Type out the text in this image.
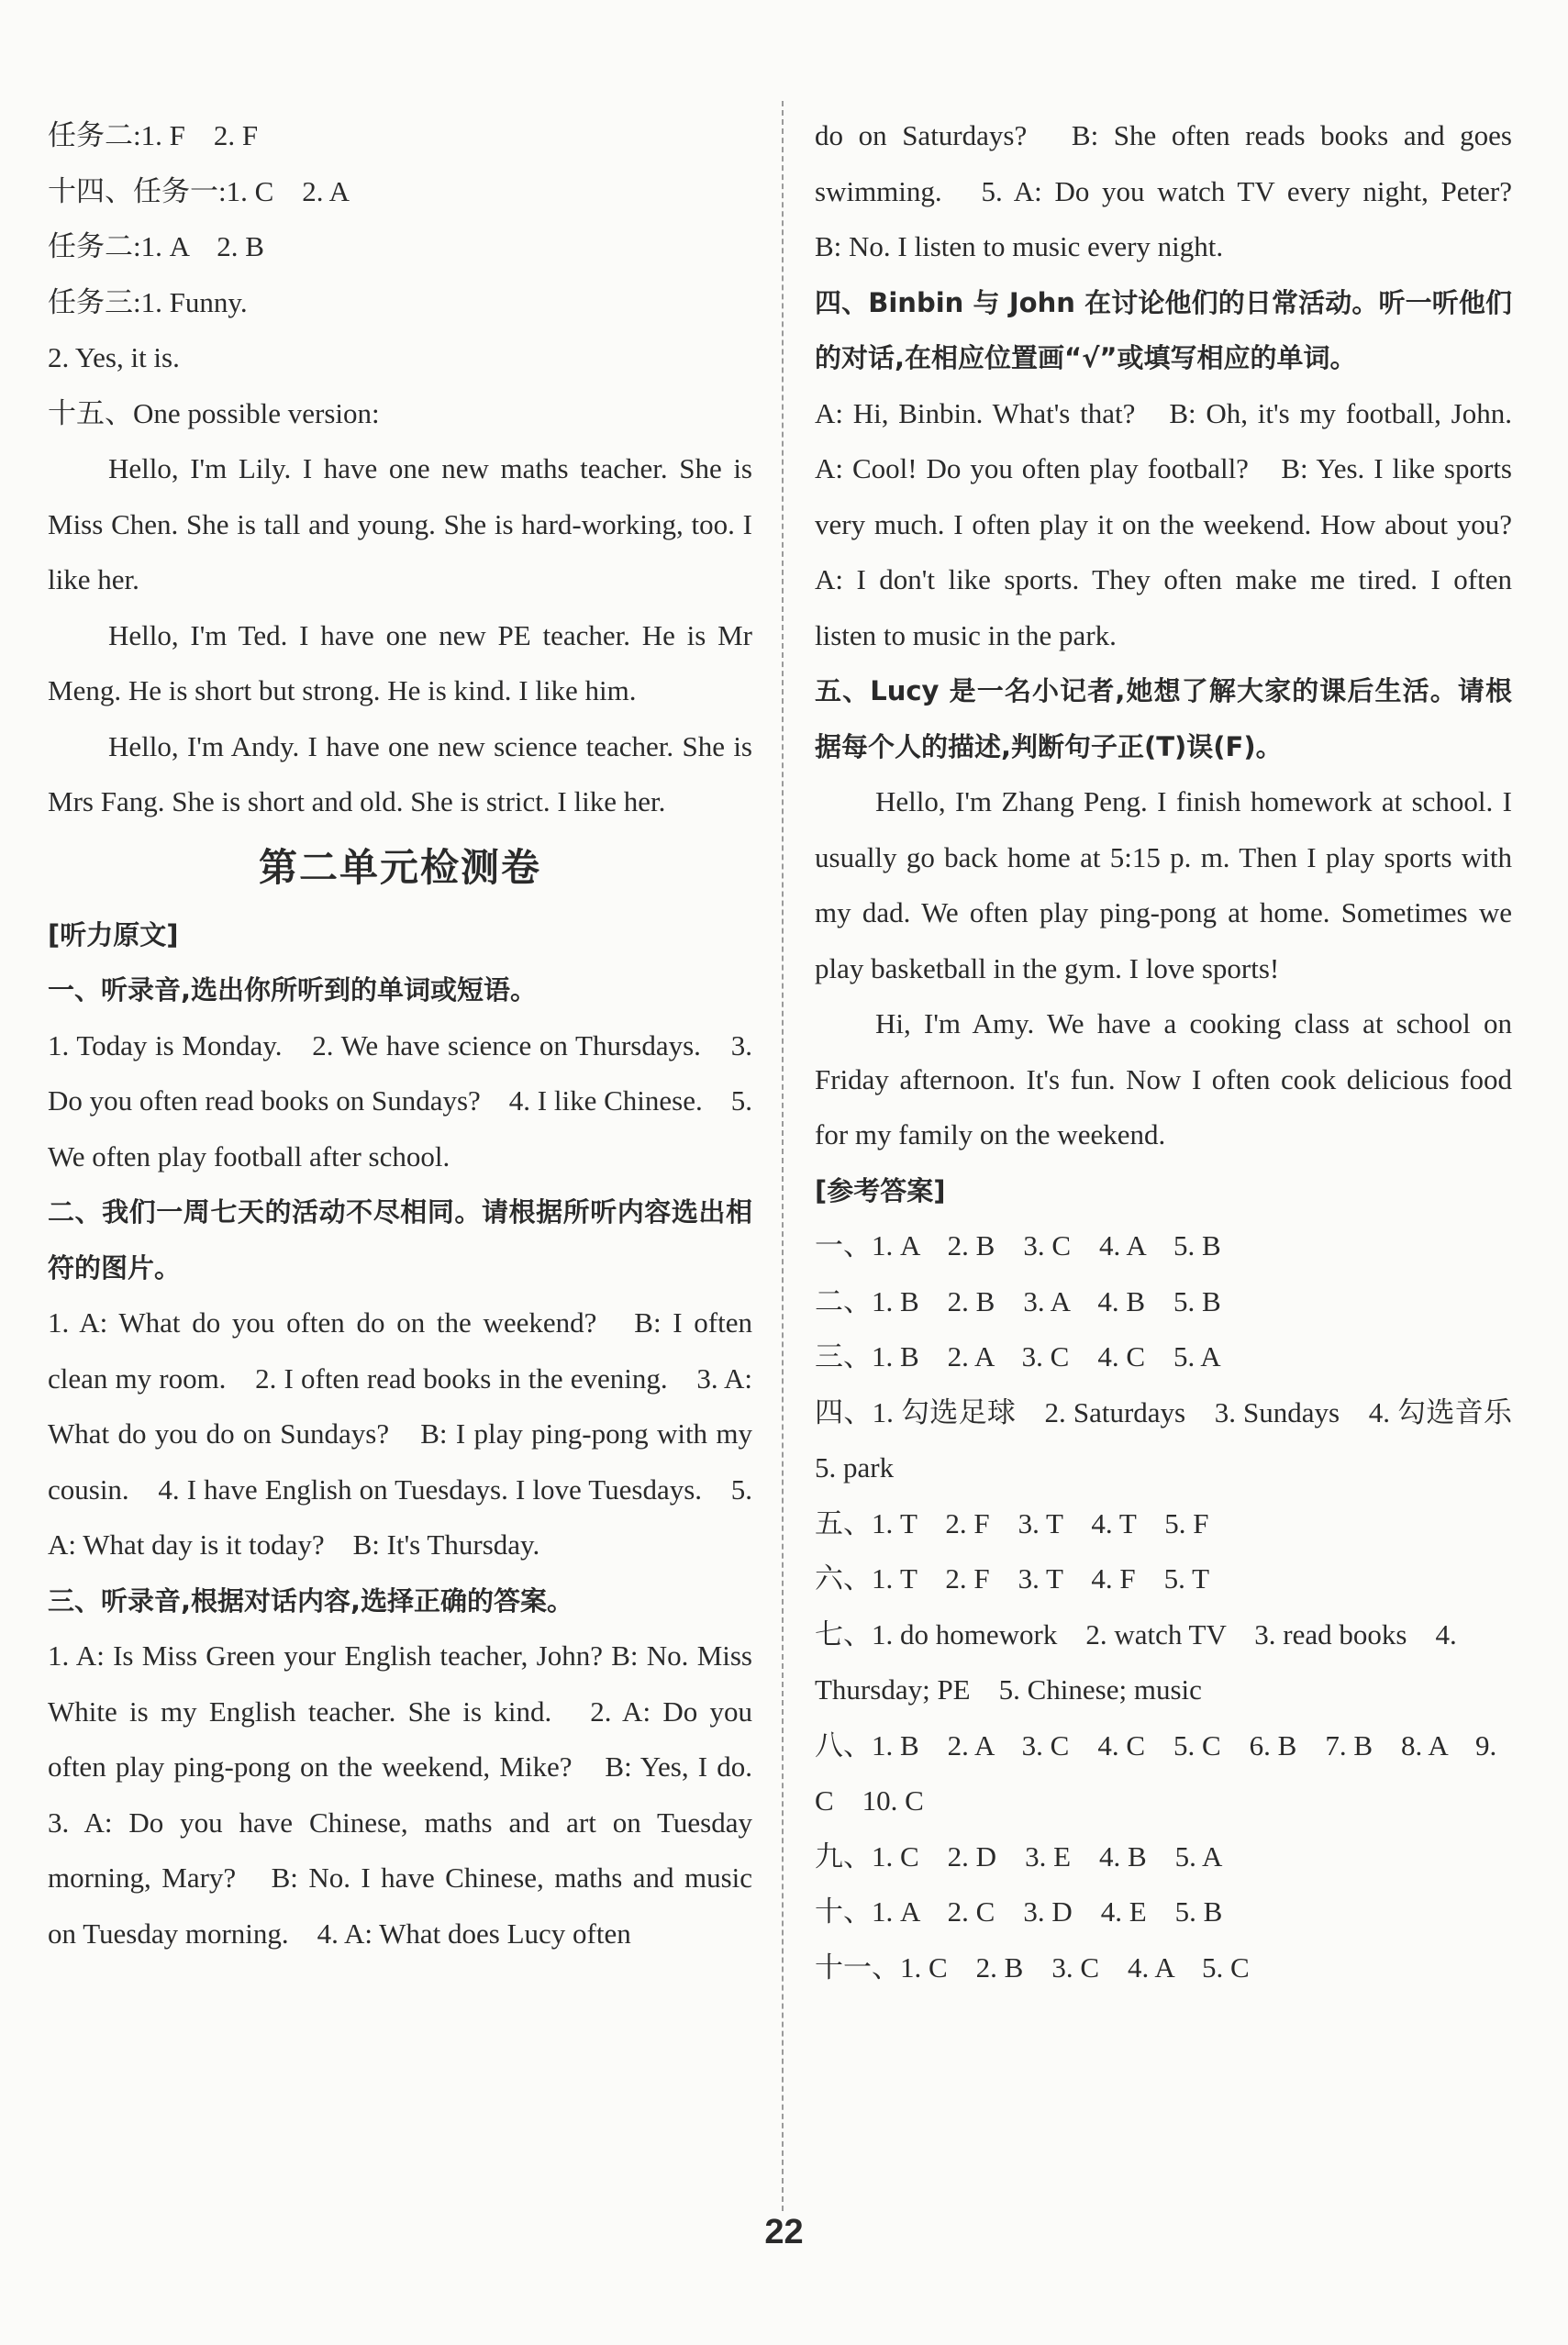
任务二:1. F　2. F
十四、任务一:1. C　2. A
任务二:1. A　2. B
任务三:1. Funny.
2. Yes, it is.
十五、One possible version:
Hello, I'm Lily. I have one new maths teacher. She is Miss Chen. She is tall and young. She is hard-working, too. I like her.
Hello, I'm Ted. I have one new PE teacher. He is Mr Meng. He is short but strong. He is kind. I like him.
Hello, I'm Andy. I have one new science teacher. She is Mrs Fang. She is short and old. She is strict. I like her.
第二单元检测卷
[听力原文]
一、听录音,选出你所听到的单词或短语。
1. Today is Monday.　2. We have science on Thursdays.　3. Do you often read books on Sundays?　4. I like Chinese.　5. We often play football after school.
二、我们一周七天的活动不尽相同。请根据所听内容选出相符的图片。
1. A: What do you often do on the weekend?　B: I often clean my room.　2. I often read books in the evening.　3. A: What do you do on Sundays?　B: I play ping-pong with my cousin.　4. I have English on Tuesdays. I love Tuesdays.　5. A: What day is it today?　B: It's Thursday.
三、听录音,根据对话内容,选择正确的答案。
1. A: Is Miss Green your English teacher, John? B: No. Miss White is my English teacher. She is kind.　2. A: Do you often play ping-pong on the weekend, Mike?　B: Yes, I do.　3. A: Do you have Chinese, maths and art on Tuesday morning, Mary?　B: No. I have Chinese, maths and music on Tuesday morning.　4. A: What does Lucy often
do on Saturdays?　B: She often reads books and goes swimming.　5. A: Do you watch TV every night, Peter?　B: No. I listen to music every night.
四、Binbin 与 John 在讨论他们的日常活动。听一听他们的对话,在相应位置画“√”或填写相应的单词。
A: Hi, Binbin. What's that?　B: Oh, it's my football, John.　A: Cool! Do you often play football?　B: Yes. I like sports very much. I often play it on the weekend. How about you?　A: I don't like sports. They often make me tired. I often listen to music in the park.
五、Lucy 是一名小记者,她想了解大家的课后生活。请根据每个人的描述,判断句子正(T)误(F)。
Hello, I'm Zhang Peng. I finish homework at school. I usually go back home at 5:15 p. m. Then I play sports with my dad. We often play ping-pong at home. Sometimes we play basketball in the gym. I love sports!
Hi, I'm Amy. We have a cooking class at school on Friday afternoon. It's fun. Now I often cook delicious food for my family on the weekend.
[参考答案]
一、1. A　2. B　3. C　4. A　5. B
二、1. B　2. B　3. A　4. B　5. B
三、1. B　2. A　3. C　4. C　5. A
四、1. 勾选足球　2. Saturdays　3. Sundays　4. 勾选音乐　5. park
五、1. T　2. F　3. T　4. T　5. F
六、1. T　2. F　3. T　4. F　5. T
七、1. do homework　2. watch TV　3. read books　4. Thursday; PE　5. Chinese; music
八、1. B　2. A　3. C　4. C　5. C　6. B　7. B　8. A　9. C　10. C
九、1. C　2. D　3. E　4. B　5. A
十、1. A　2. C　3. D　4. E　5. B
十一、1. C　2. B　3. C　4. A　5. C
22
